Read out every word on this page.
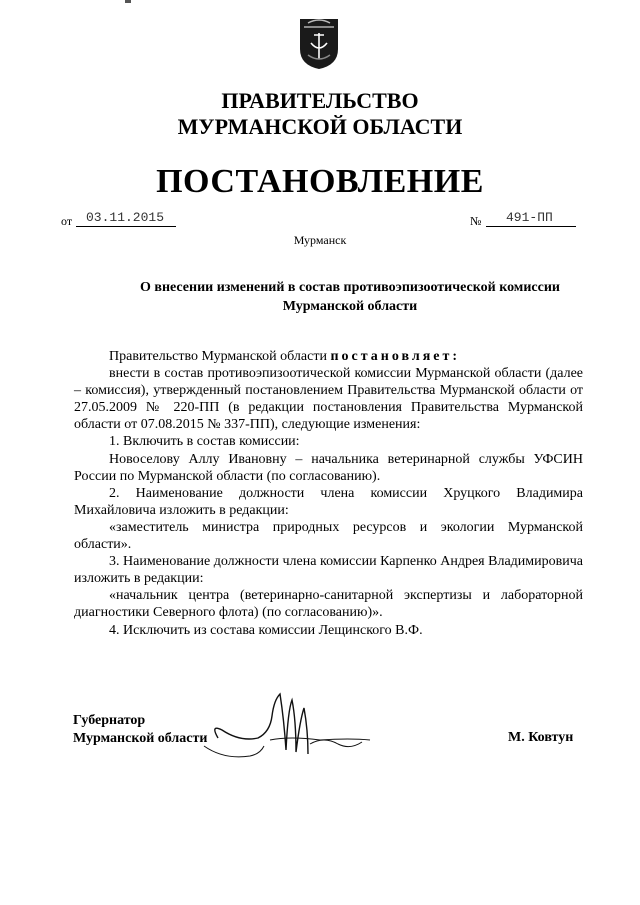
ПРАВИТЕЛЬСТВО
МУРМАНСКОЙ ОБЛАСТИ
ПОСТАНОВЛЕНИЕ
от 03.11.2015	№ 491-ПП
Мурманск
О внесении изменений в состав противоэпизоотической комиссии
Мурманской области

Правительство Мурманской области постановляет:

внести в состав противоэпизоотической комиссии Мурманской области (далее – комиссия), утвержденный постановлением Правительства Мурманской области от 27.05.2009 № 220-ПП (в редакции постановления Правительства Мурманской области от 07.08.2015 № 337-ПП), следующие изменения:

1. Включить в состав комиссии:

Новоселову Аллу Ивановну – начальника ветеринарной службы УФСИН России по Мурманской области (по согласованию).

2. Наименование должности члена комиссии Хруцкого Владимира Михайловича изложить в редакции:

«заместитель министра природных ресурсов и экологии Мурманской области».

3. Наименование должности члена комиссии Карпенко Андрея Владимировича изложить в редакции:

«начальник центра (ветеринарно-санитарной экспертизы и лабораторной диагностики Северного флота) (по согласованию)».

4. Исключить из состава комиссии Лещинского В.Ф.

Губернатор
Мурманской области	М. Ковтун
